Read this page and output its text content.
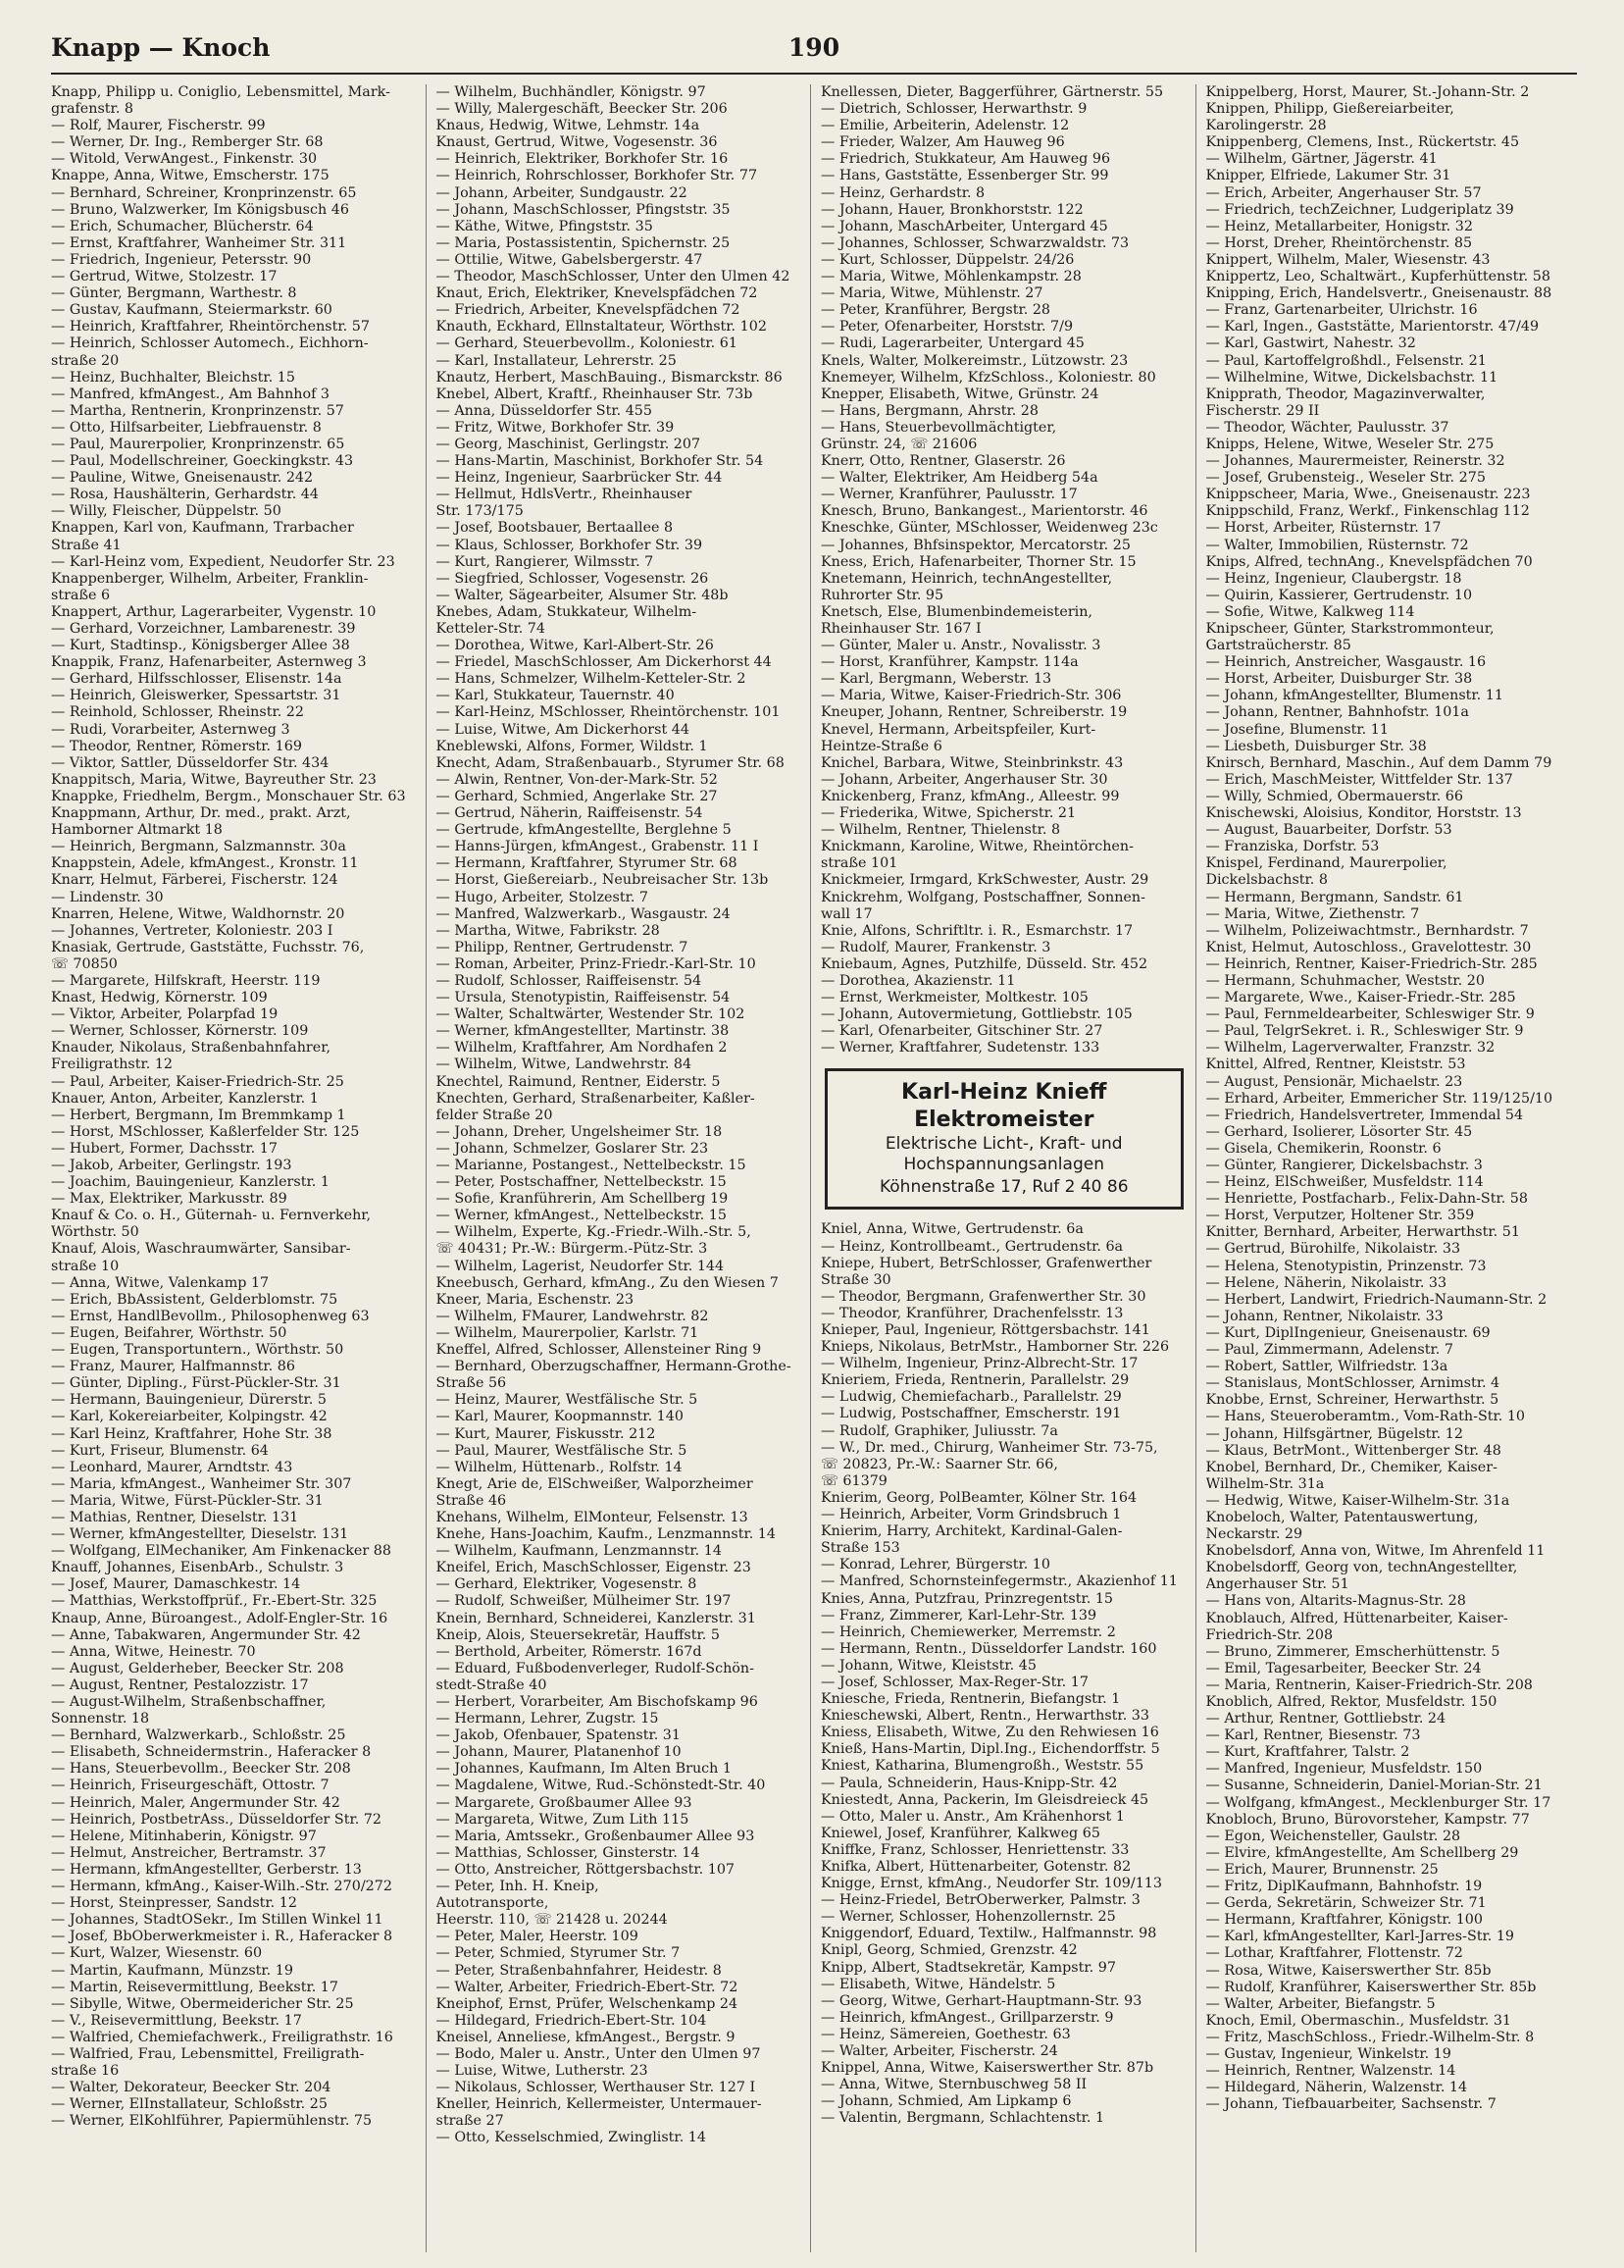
Knapp — Knoch	190
Knapp, Philipp u. Coniglio, Lebensmittel, Mark-
grafenstr. 8
— Rolf, Maurer, Fischerstr. 99
— Werner, Dr. Ing., Remberger Str. 68
— Witold, VerwAngest., Finkenstr. 30
Knappe, Anna, Witwe, Emscherstr. 175
— Bernhard, Schreiner, Kronprinzenstr. 65
— Bruno, Walzwerker, Im Königsbusch 46
— Erich, Schumacher, Blücherstr. 64
— Ernst, Kraftfahrer, Wanheimer Str. 311
— Friedrich, Ingenieur, Petersstr. 90
— Gertrud, Witwe, Stolzestr. 17
— Günter, Bergmann, Warthestr. 8
— Gustav, Kaufmann, Steiermarkstr. 60
— Heinrich, Kraftfahrer, Rheintörchenstr. 57
— Heinrich, Schlosser Automech., Eichhorn-
straße 20
— Heinz, Buchhalter, Bleichstr. 15
— Manfred, kfmAngest., Am Bahnhof 3
— Martha, Rentnerin, Kronprinzenstr. 57
— Otto, Hilfsarbeiter, Liebfrauenstr. 8
— Paul, Maurerpolier, Kronprinzenstr. 65
— Paul, Modellschreiner, Goeckingkstr. 43
— Pauline, Witwe, Gneisenaustr. 242
— Rosa, Haushälterin, Gerhardstr. 44
— Willy, Fleischer, Düppelstr. 50
Knappen, Karl von, Kaufmann, Trarbacher
Straße 41
— Karl-Heinz vom, Expedient, Neudorfer Str. 23
Knappenberger, Wilhelm, Arbeiter, Franklin-
straße 6
Knappert, Arthur, Lagerarbeiter, Vygenstr. 10
— Gerhard, Vorzeichner, Lambarenestr. 39
— Kurt, Stadtinsp., Königsberger Allee 38
Knappik, Franz, Hafenarbeiter, Asternweg 3
— Gerhard, Hilfsschlosser, Elisenstr. 14a
— Heinrich, Gleiswerker, Spessartstr. 31
— Reinhold, Schlosser, Rheinstr. 22
— Rudi, Vorarbeiter, Asternweg 3
— Theodor, Rentner, Römerstr. 169
— Viktor, Sattler, Düsseldorfer Str. 434
Knappitsch, Maria, Witwe, Bayreuther Str. 23
Knappke, Friedhelm, Bergm., Monschauer Str. 63
Knappmann, Arthur, Dr. med., prakt. Arzt,
Hamborner Altmarkt 18
— Heinrich, Bergmann, Salzmannstr. 30a
Knappstein, Adele, kfmAngest., Kronstr. 11
Knarr, Helmut, Färberei, Fischerstr. 124
— Lindenstr. 30
Knarren, Helene, Witwe, Waldhornstr. 20
— Johannes, Vertreter, Koloniestr. 203 I
Knasiak, Gertrude, Gaststätte, Fuchsstr. 76,
☏ 70850
— Margarete, Hilfskraft, Heerstr. 119
Knast, Hedwig, Körnerstr. 109
— Viktor, Arbeiter, Polarpfad 19
— Werner, Schlosser, Körnerstr. 109
Knauder, Nikolaus, Straßenbahnfahrer,
Freiligrathstr. 12
— Paul, Arbeiter, Kaiser-Friedrich-Str. 25
Knauer, Anton, Arbeiter, Kanzlerstr. 1
— Herbert, Bergmann, Im Bremmkamp 1
— Horst, MSchlosser, Kaßlerfelder Str. 125
— Hubert, Former, Dachsstr. 17
— Jakob, Arbeiter, Gerlingstr. 193
— Joachim, Bauingenieur, Kanzlerstr. 1
— Max, Elektriker, Markusstr. 89
Knauf & Co. o. H., Güternah- u. Fernverkehr,
Wörthstr. 50
Knauf, Alois, Waschraumwärter, Sansibar-
straße 10
— Anna, Witwe, Valenkamp 17
— Erich, BbAssistent, Gelderblomstr. 75
— Ernst, HandlBevollm., Philosophenweg 63
— Eugen, Beifahrer, Wörthstr. 50
— Eugen, Transportuntern., Wörthstr. 50
— Franz, Maurer, Halfmannstr. 86
— Günter, Dipling., Fürst-Pückler-Str. 31
— Hermann, Bauingenieur, Dürerstr. 5
— Karl, Kokereiarbeiter, Kolpingstr. 42
— Karl Heinz, Kraftfahrer, Hohe Str. 38
— Kurt, Friseur, Blumenstr. 64
— Leonhard, Maurer, Arndtstr. 43
— Maria, kfmAngest., Wanheimer Str. 307
— Maria, Witwe, Fürst-Pückler-Str. 31
— Mathias, Rentner, Dieselstr. 131
— Werner, kfmAngestellter, Dieselstr. 131
— Wolfgang, ElMechaniker, Am Finkenacker 88
Knauff, Johannes, EisenbArb., Schulstr. 3
— Josef, Maurer, Damaschkestr. 14
— Matthias, Werkstoffprüf., Fr.-Ebert-Str. 325
Knaup, Anne, Büroangest., Adolf-Engler-Str. 16
— Anne, Tabakwaren, Angermunder Str. 42
— Anna, Witwe, Heinestr. 70
— August, Gelderheber, Beecker Str. 208
— August, Rentner, Pestalozzistr. 17
— August-Wilhelm, Straßenbschaffner,
Sonnenstr. 18
— Bernhard, Walzwerkarb., Schloßstr. 25
— Elisabeth, Schneidermstrin., Haferacker 8
— Hans, Steuerbevollm., Beecker Str. 208
— Heinrich, Friseurgeschäft, Ottostr. 7
— Heinrich, Maler, Angermunder Str. 42
— Heinrich, PostbetrAss., Düsseldorfer Str. 72
— Helene, Mitinhaberin, Königstr. 97
— Helmut, Anstreicher, Bertramstr. 37
— Hermann, kfmAngestellter, Gerberstr. 13
— Hermann, kfmAng., Kaiser-Wilh.-Str. 270/272
— Horst, Steinpresser, Sandstr. 12
— Johannes, StadtOSekr., Im Stillen Winkel 11
— Josef, BbOberwerkmeister i. R., Haferacker 8
— Kurt, Walzer, Wiesenstr. 60
— Martin, Kaufmann, Münzstr. 19
— Martin, Reisevermittlung, Beekstr. 17
— Sibylle, Witwe, Obermeidericher Str. 25
— V., Reisevermittlung, Beekstr. 17
— Walfried, Chemiefachwerk., Freiligrathstr. 16
— Walfried, Frau, Lebensmittel, Freiligrath-
straße 16
— Walter, Dekorateur, Beecker Str. 204
— Werner, ElInstallateur, Schloßstr. 25
— Werner, ElKohlführer, Papiermühlenstr. 75
— Wilhelm, Buchhändler, Königstr. 97
— Willy, Malergeschäft, Beecker Str. 206
Knaus, Hedwig, Witwe, Lehmstr. 14a
Knaust, Gertrud, Witwe, Vogesenstr. 36
— Heinrich, Elektriker, Borkhofer Str. 16
— Heinrich, Rohrschlosser, Borkhofer Str. 77
— Johann, Arbeiter, Sundgaustr. 22
— Johann, MaschSchlosser, Pfingststr. 35
— Käthe, Witwe, Pfingststr. 35
— Maria, Postassistentin, Spichernstr. 25
— Ottilie, Witwe, Gabelsbergerstr. 47
— Theodor, MaschSchlosser, Unter den Ulmen 42
Knaut, Erich, Elektriker, Knevelspfädchen 72
— Friedrich, Arbeiter, Knevelspfädchen 72
Knauth, Eckhard, Ellnstaltateur, Wörthstr. 102
— Gerhard, Steuerbevollm., Koloniestr. 61
— Karl, Installateur, Lehrerstr. 25
Knautz, Herbert, MaschBauing., Bismarckstr. 86
Knebel, Albert, Kraftf., Rheinhauser Str. 73b
— Anna, Düsseldorfer Str. 455
— Fritz, Witwe, Borkhofer Str. 39
— Georg, Maschinist, Gerlingstr. 207
— Hans-Martin, Maschinist, Borkhofer Str. 54
— Heinz, Ingenieur, Saarbrücker Str. 44
— Hellmut, HdlsVertr., Rheinhauser
Str. 173/175
— Josef, Bootsbauer, Bertaallee 8
— Klaus, Schlosser, Borkhofer Str. 39
— Kurt, Rangierer, Wilmsstr. 7
— Siegfried, Schlosser, Vogesenstr. 26
— Walter, Sägearbeiter, Alsumer Str. 48b
Knebes, Adam, Stukkateur, Wilhelm-
Ketteler-Str. 74
— Dorothea, Witwe, Karl-Albert-Str. 26
— Friedel, MaschSchlosser, Am Dickerhorst 44
— Hans, Schmelzer, Wilhelm-Ketteler-Str. 2
— Karl, Stukkateur, Tauernstr. 40
— Karl-Heinz, MSchlosser, Rheintörchenstr. 101
— Luise, Witwe, Am Dickerhorst 44
Kneblewski, Alfons, Former, Wildstr. 1
Knecht, Adam, Straßenbauarb., Styrumer Str. 68
— Alwin, Rentner, Von-der-Mark-Str. 52
— Gerhard, Schmied, Angerlake Str. 27
— Gertrud, Näherin, Raiffeisenstr. 54
— Gertrude, kfmAngestellte, Berglehne 5
— Hanns-Jürgen, kfmAngest., Grabenstr. 11 I
— Hermann, Kraftfahrer, Styrumer Str. 68
— Horst, Gießereiarb., Neubreisacher Str. 13b
— Hugo, Arbeiter, Stolzestr. 7
— Manfred, Walzwerkarb., Wasgaustr. 24
— Martha, Witwe, Fabrikstr. 28
— Philipp, Rentner, Gertrudenstr. 7
— Roman, Arbeiter, Prinz-Friedr.-Karl-Str. 10
— Rudolf, Schlosser, Raiffeisenstr. 54
— Ursula, Stenotypistin, Raiffeisenstr. 54
— Walter, Schaltwärter, Westender Str. 102
— Werner, kfmAngestellter, Martinstr. 38
— Wilhelm, Kraftfahrer, Am Nordhafen 2
— Wilhelm, Witwe, Landwehrstr. 84
Knechtel, Raimund, Rentner, Eiderstr. 5
Knechten, Gerhard, Straßenarbeiter, Kaßler-
felder Straße 20
— Johann, Dreher, Ungelsheimer Str. 18
— Johann, Schmelzer, Goslarer Str. 23
— Marianne, Postangest., Nettelbeckstr. 15
— Peter, Postschaffner, Nettelbeckstr. 15
— Sofie, Kranführerin, Am Schellberg 19
— Werner, kfmAngest., Nettelbeckstr. 15
— Wilhelm, Experte, Kg.-Friedr.-Wilh.-Str. 5,
☏ 40431; Pr.-W.: Bürgerm.-Pütz-Str. 3
— Wilhelm, Lagerist, Neudorfer Str. 144
Kneebusch, Gerhard, kfmAng., Zu den Wiesen 7
Kneer, Maria, Eschenstr. 23
— Wilhelm, FMaurer, Landwehrstr. 82
— Wilhelm, Maurerpolier, Karlstr. 71
Kneffel, Alfred, Schlosser, Allensteiner Ring 9
— Bernhard, Oberzugschaffner, Hermann-Grothe-
Straße 56
— Heinz, Maurer, Westfälische Str. 5
— Karl, Maurer, Koopmannstr. 140
— Kurt, Maurer, Fiskusstr. 212
— Paul, Maurer, Westfälische Str. 5
— Wilhelm, Hüttenarb., Rolfstr. 14
Knegt, Arie de, ElSchweißer, Walporzheimer
Straße 46
Knehans, Wilhelm, ElMonteur, Felsenstr. 13
Knehe, Hans-Joachim, Kaufm., Lenzmannstr. 14
— Wilhelm, Kaufmann, Lenzmannstr. 14
Kneifel, Erich, MaschSchlosser, Eigenstr. 23
— Gerhard, Elektriker, Vogesenstr. 8
— Rudolf, Schweißer, Mülheimer Str. 197
Knein, Bernhard, Schneiderei, Kanzlerstr. 31
Kneip, Alois, Steuersekretär, Hauffstr. 5
— Berthold, Arbeiter, Römerstr. 167d
— Eduard, Fußbodenverleger, Rudolf-Schön-
stedt-Straße 40
— Herbert, Vorarbeiter, Am Bischofskamp 96
— Hermann, Lehrer, Zugstr. 15
— Jakob, Ofenbauer, Spatenstr. 31
— Johann, Maurer, Platanenhof 10
— Johannes, Kaufmann, Im Alten Bruch 1
— Magdalene, Witwe, Rud.-Schönstedt-Str. 40
— Margarete, Großbaumer Allee 93
— Margareta, Witwe, Zum Lith 115
— Maria, Amtssekr., Großenbaumer Allee 93
— Matthias, Schlosser, Ginsterstr. 14
— Otto, Anstreicher, Röttgersbachstr. 107
— Peter, Inh. H. Kneip,
Autotransporte,
Heerstr. 110, ☏ 21428 u. 20244
— Peter, Maler, Heerstr. 109
— Peter, Schmied, Styrumer Str. 7
— Peter, Straßenbahnfahrer, Heidestr. 8
— Walter, Arbeiter, Friedrich-Ebert-Str. 72
Kneiphof, Ernst, Prüfer, Welschenkamp 24
— Hildegard, Friedrich-Ebert-Str. 104
Kneisel, Anneliese, kfmAngest., Bergstr. 9
— Bodo, Maler u. Anstr., Unter den Ulmen 97
— Luise, Witwe, Lutherstr. 23
— Nikolaus, Schlosser, Werthauser Str. 127 I
Kneller, Heinrich, Kellermeister, Untermauer-
straße 27
— Otto, Kesselschmied, Zwinglistr. 14
Knellessen, Dieter, Baggerführer, Gärtnerstr. 55
— Dietrich, Schlosser, Herwarthstr. 9
— Emilie, Arbeiterin, Adelenstr. 12
— Frieder, Walzer, Am Hauweg 96
— Friedrich, Stukkateur, Am Hauweg 96
— Hans, Gaststätte, Essenberger Str. 99
— Heinz, Gerhardstr. 8
— Johann, Hauer, Bronkhorststr. 122
— Johann, MaschArbeiter, Untergard 45
— Johannes, Schlosser, Schwarzwaldstr. 73
— Kurt, Schlosser, Düppelstr. 24/26
— Maria, Witwe, Möhlenkampstr. 28
— Maria, Witwe, Mühlenstr. 27
— Peter, Kranführer, Bergstr. 28
— Peter, Ofenarbeiter, Horststr. 7/9
— Rudi, Lagerarbeiter, Untergard 45
Knels, Walter, Molkereimstr., Lützowstr. 23
Knemeyer, Wilhelm, KfzSchloss., Koloniestr. 80
Knepper, Elisabeth, Witwe, Grünstr. 24
— Hans, Bergmann, Ahrstr. 28
— Hans, Steuerbevollmächtigter,
Grünstr. 24, ☏ 21606
Knerr, Otto, Rentner, Glaserstr. 26
— Walter, Elektriker, Am Heidberg 54a
— Werner, Kranführer, Paulusstr. 17
Knesch, Bruno, Bankangest., Marientorstr. 46
Kneschke, Günter, MSchlosser, Weidenweg 23c
— Johannes, Bhfsinspektor, Mercatorstr. 25
Kness, Erich, Hafenarbeiter, Thorner Str. 15
Knetemann, Heinrich, technAngestellter,
Ruhrorter Str. 95
Knetsch, Else, Blumenbindemeisterin,
Rheinhauser Str. 167 I
— Günter, Maler u. Anstr., Novalisstr. 3
— Horst, Kranführer, Kampstr. 114a
— Karl, Bergmann, Weberstr. 13
— Maria, Witwe, Kaiser-Friedrich-Str. 306
Kneuper, Johann, Rentner, Schreiberstr. 19
Knevel, Hermann, Arbeitspfeiler, Kurt-
Heintze-Straße 6
Knichel, Barbara, Witwe, Steinbrinkstr. 43
— Johann, Arbeiter, Angerhauser Str. 30
Knickenberg, Franz, kfmAng., Alleestr. 99
— Friederika, Witwe, Spicherstr. 21
— Wilhelm, Rentner, Thielenstr. 8
Knickmann, Karoline, Witwe, Rheintörchen-
straße 101
Knickmeier, Irmgard, KrkSchwester, Austr. 29
Knickrehm, Wolfgang, Postschaffner, Sonnen-
wall 17
Knie, Alfons, Schriftltr. i. R., Esmarchstr. 17
— Rudolf, Maurer, Frankenstr. 3
Kniebaum, Agnes, Putzhilfe, Düsseld. Str. 452
— Dorothea, Akazienstr. 11
— Ernst, Werkmeister, Moltkestr. 105
— Johann, Autovermietung, Gottliebstr. 105
— Karl, Ofenarbeiter, Gitschiner Str. 27
— Werner, Kraftfahrer, Sudetenstr. 133
Karl-Heinz Knieff
Elektromeister
Elektrische Licht-, Kraft- und Hochspannungsanlagen
Köhnenstraße 17, Ruf 2 40 86
Kniel, Anna, Witwe, Gertrudenstr. 6a
— Heinz, Kontrollbeamt., Gertrudenstr. 6a
Kniepe, Hubert, BetrSchlosser, Grafenwerther
Straße 30
— Theodor, Bergmann, Grafenwerther Str. 30
— Theodor, Kranführer, Drachenfelsstr. 13
Knieper, Paul, Ingenieur, Röttgersbachstr. 141
Knieps, Nikolaus, BetrMstr., Hamborner Str. 226
— Wilhelm, Ingenieur, Prinz-Albrecht-Str. 17
Knieriem, Frieda, Rentnerin, Parallelstr. 29
— Ludwig, Chemiefacharb., Parallelstr. 29
— Ludwig, Postschaffner, Emscherstr. 191
— Rudolf, Graphiker, Juliusstr. 7a
— W., Dr. med., Chirurg, Wanheimer Str. 73-75,
☏ 20823, Pr.-W.: Saarner Str. 66,
☏ 61379
Knierim, Georg, PolBeamter, Kölner Str. 164
— Heinrich, Arbeiter, Vorm Grindsbruch 1
Knierim, Harry, Architekt, Kardinal-Galen-
Straße 153
— Konrad, Lehrer, Bürgerstr. 10
— Manfred, Schornsteinfegermstr., Akazienhof 11
Knies, Anna, Putzfrau, Prinzregentstr. 15
— Franz, Zimmerer, Karl-Lehr-Str. 139
— Heinrich, Chemiewerker, Merremstr. 2
— Hermann, Rentn., Düsseldorfer Landstr. 160
— Johann, Witwe, Kleiststr. 45
— Josef, Schlosser, Max-Reger-Str. 17
Kniesche, Frieda, Rentnerin, Biefangstr. 1
Knieschewski, Albert, Rentn., Herwarthstr. 33
Kniess, Elisabeth, Witwe, Zu den Rehwiesen 16
Knieß, Hans-Martin, Dipl.Ing., Eichendorffstr. 5
Kniest, Katharina, Blumengroßh., Weststr. 55
— Paula, Schneiderin, Haus-Knipp-Str. 42
Kniestedt, Anna, Packerin, Im Gleisdreieck 45
— Otto, Maler u. Anstr., Am Krähenhorst 1
Kniewel, Josef, Kranführer, Kalkweg 65
Kniffke, Franz, Schlosser, Henriettenstr. 33
Knifka, Albert, Hüttenarbeiter, Gotenstr. 82
Knigge, Ernst, kfmAng., Neudorfer Str. 109/113
— Heinz-Friedel, BetrOberwerker, Palmstr. 3
— Werner, Schlosser, Hohenzollernstr. 25
Kniggendorf, Eduard, Textilw., Halfmannstr. 98
Knipl, Georg, Schmied, Grenzstr. 42
Knipp, Albert, Stadtsekretär, Kampstr. 97
— Elisabeth, Witwe, Händelstr. 5
— Georg, Witwe, Gerhart-Hauptmann-Str. 93
— Heinrich, kfmAngest., Grillparzerstr. 9
— Heinz, Sämereien, Goethestr. 63
— Walter, Arbeiter, Fischerstr. 24
Knippel, Anna, Witwe, Kaiserswerther Str. 87b
— Anna, Witwe, Sternbuschweg 58 II
— Johann, Schmied, Am Lipkamp 6
— Valentin, Bergmann, Schlachtenstr. 1
Knippelberg, Horst, Maurer, St.-Johann-Str. 2
Knippen, Philipp, Gießereiarbeiter,
Karolingerstr. 28
Knippenberg, Clemens, Inst., Rückertstr. 45
— Wilhelm, Gärtner, Jägerstr. 41
Knipper, Elfriede, Lakumer Str. 31
— Erich, Arbeiter, Angerhauser Str. 57
— Friedrich, techZeichner, Ludgeriplatz 39
— Heinz, Metallarbeiter, Honigstr. 32
— Horst, Dreher, Rheintörchenstr. 85
Knippert, Wilhelm, Maler, Wiesenstr. 43
Knippertz, Leo, Schaltwärt., Kupferhüttenstr. 58
Knipping, Erich, Handelsvertr., Gneisenaustr. 88
— Franz, Gartenarbeiter, Ulrichstr. 16
— Karl, Ingen., Gaststätte, Marientorstr. 47/49
— Karl, Gastwirt, Nahestr. 32
— Paul, Kartoffelgroßhdl., Felsenstr. 21
— Wilhelmine, Witwe, Dickelsbachstr. 11
Knipprath, Theodor, Magazinverwalter,
Fischerstr. 29 II
— Theodor, Wächter, Paulusstr. 37
Knipps, Helene, Witwe, Weseler Str. 275
— Johannes, Maurermeister, Reinerstr. 32
— Josef, Grubensteig., Weseler Str. 275
Knippscheer, Maria, Wwe., Gneisenaustr. 223
Knippschild, Franz, Werkf., Finkenschlag 112
— Horst, Arbeiter, Rüsternstr. 17
— Walter, Immobilien, Rüsternstr. 72
Knips, Alfred, technAng., Knevelspfädchen 70
— Heinz, Ingenieur, Claubergstr. 18
— Quirin, Kassierer, Gertrudenstr. 10
— Sofie, Witwe, Kalkweg 114
Knipscheer, Günter, Starkstrommonteur,
Gartstraücherstr. 85
— Heinrich, Anstreicher, Wasgaustr. 16
— Horst, Arbeiter, Duisburger Str. 38
— Johann, kfmAngestellter, Blumenstr. 11
— Johann, Rentner, Bahnhofstr. 101a
— Josefine, Blumenstr. 11
— Liesbeth, Duisburger Str. 38
Knirsch, Bernhard, Maschin., Auf dem Damm 79
— Erich, MaschMeister, Wittfelder Str. 137
— Willy, Schmied, Obermauerstr. 66
Knischewski, Aloisius, Konditor, Horststr. 13
— August, Bauarbeiter, Dorfstr. 53
— Franziska, Dorfstr. 53
Knispel, Ferdinand, Maurerpolier,
Dickelsbachstr. 8
— Hermann, Bergmann, Sandstr. 61
— Maria, Witwe, Ziethenstr. 7
— Wilhelm, Polizeiwachtmstr., Bernhardstr. 7
Knist, Helmut, Autoschloss., Gravelottestr. 30
— Heinrich, Rentner, Kaiser-Friedrich-Str. 285
— Hermann, Schuhmacher, Weststr. 20
— Margarete, Wwe., Kaiser-Friedr.-Str. 285
— Paul, Fernmeldearbeiter, Schleswiger Str. 9
— Paul, TelgrSekret. i. R., Schleswiger Str. 9
— Wilhelm, Lagerverwalter, Franzstr. 32
Knittel, Alfred, Rentner, Kleiststr. 53
— August, Pensionär, Michaelstr. 23
— Erhard, Arbeiter, Emmericher Str. 119/125/10
— Friedrich, Handelsvertreter, Immendal 54
— Gerhard, Isolierer, Lösorter Str. 45
— Gisela, Chemikerin, Roonstr. 6
— Günter, Rangierer, Dickelsbachstr. 3
— Heinz, ElSchweißer, Musfeldstr. 114
— Henriette, Postfacharb., Felix-Dahn-Str. 58
— Horst, Verputzer, Holtener Str. 359
Knitter, Bernhard, Arbeiter, Herwarthstr. 51
— Gertrud, Bürohilfe, Nikolaistr. 33
— Helena, Stenotypistin, Prinzenstr. 73
— Helene, Näherin, Nikolaistr. 33
— Herbert, Landwirt, Friedrich-Naumann-Str. 2
— Johann, Rentner, Nikolaistr. 33
— Kurt, DiplIngenieur, Gneisenaustr. 69
— Paul, Zimmermann, Adelenstr. 7
— Robert, Sattler, Wilfriedstr. 13a
— Stanislaus, MontSchlosser, Arnimstr. 4
Knobbe, Ernst, Schreiner, Herwarthstr. 5
— Hans, Steueroberamtm., Vom-Rath-Str. 10
— Johann, Hilfsgärtner, Bügelstr. 12
— Klaus, BetrMont., Wittenberger Str. 48
Knobel, Bernhard, Dr., Chemiker, Kaiser-
Wilhelm-Str. 31a
— Hedwig, Witwe, Kaiser-Wilhelm-Str. 31a
Knobeloch, Walter, Patentauswertung,
Neckarstr. 29
Knobelsdorf, Anna von, Witwe, Im Ahrenfeld 11
Knobelsdorff, Georg von, technAngestellter,
Angerhauser Str. 51
— Hans von, Altarits-Magnus-Str. 28
Knoblauch, Alfred, Hüttenarbeiter, Kaiser-
Friedrich-Str. 208
— Bruno, Zimmerer, Emscherhüttenstr. 5
— Emil, Tagesarbeiter, Beecker Str. 24
— Maria, Rentnerin, Kaiser-Friedrich-Str. 208
Knoblich, Alfred, Rektor, Musfeldstr. 150
— Arthur, Rentner, Gottliebstr. 24
— Karl, Rentner, Biesenstr. 73
— Kurt, Kraftfahrer, Talstr. 2
— Manfred, Ingenieur, Musfeldstr. 150
— Susanne, Schneiderin, Daniel-Morian-Str. 21
— Wolfgang, kfmAngest., Mecklenburger Str. 17
Knobloch, Bruno, Bürovorsteher, Kampstr. 77
— Egon, Weichensteller, Gaulstr. 28
— Elvire, kfmAngestellte, Am Schellberg 29
— Erich, Maurer, Brunnenstr. 25
— Fritz, DiplKaufmann, Bahnhofstr. 19
— Gerda, Sekretärin, Schweizer Str. 71
— Hermann, Kraftfahrer, Königstr. 100
— Karl, kfmAngestellter, Karl-Jarres-Str. 19
— Lothar, Kraftfahrer, Flottenstr. 72
— Rosa, Witwe, Kaiserswerther Str. 85b
— Rudolf, Kranführer, Kaiserswerther Str. 85b
— Walter, Arbeiter, Biefangstr. 5
Knoch, Emil, Obermaschin., Musfeldstr. 31
— Fritz, MaschSchloss., Friedr.-Wilhelm-Str. 8
— Gustav, Ingenieur, Winkelstr. 19
— Heinrich, Rentner, Walzenstr. 14
— Hildegard, Näherin, Walzenstr. 14
— Johann, Tiefbauarbeiter, Sachsenstr. 7
